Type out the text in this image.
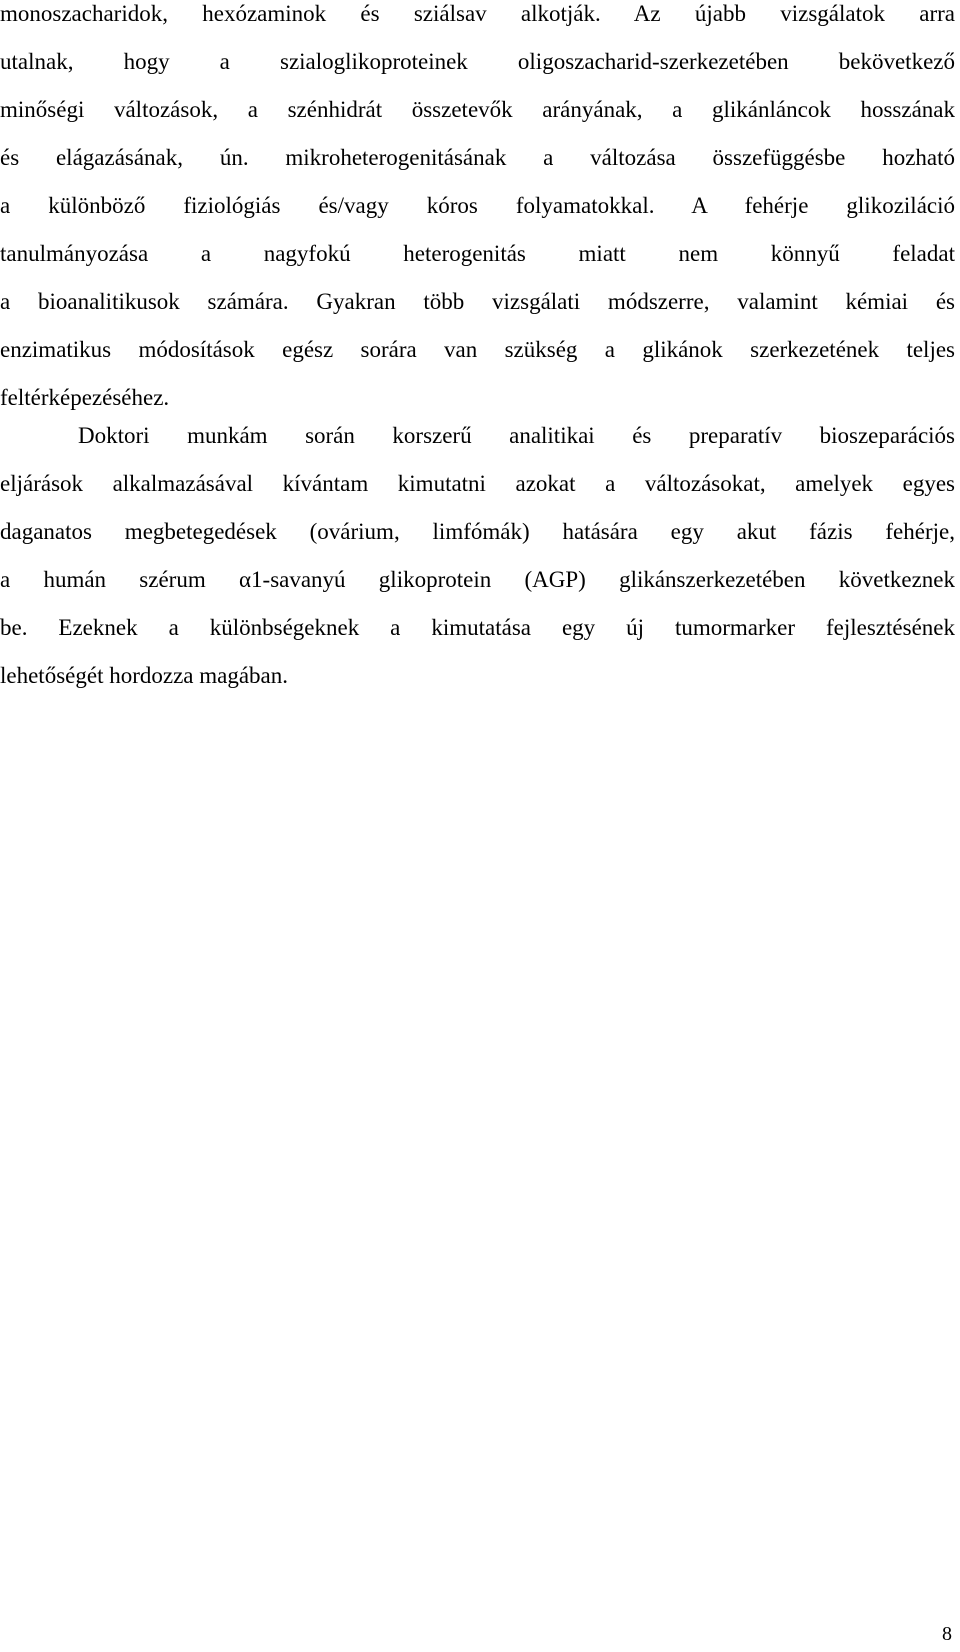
monoszacharidok, hexózaminok és sziálsav alkotják. Az újabb vizsgálatok arra
utalnak, hogy a szialoglikoproteinek oligoszacharid-szerkezetében bekövetkező
minőségi változások, a szénhidrát összetevők arányának, a glikánláncok hosszának
és elágazásának, ún. mikroheterogenitásának a változása összefüggésbe hozható
a különböző fiziológiás és/vagy kóros folyamatokkal. A fehérje glikoziláció
tanulmányozása a nagyfokú heterogenitás miatt nem könnyű feladat
a bioanalitikusok számára. Gyakran több vizsgálati módszerre, valamint kémiai és
enzimatikus módosítások egész sorára van szükség a glikánok szerkezetének teljes
feltérképezéséhez.
Doktori munkám során korszerű analitikai és preparatív bioszeparációs
eljárások alkalmazásával kívántam kimutatni azokat a változásokat, amelyek egyes
daganatos megbetegedések (ovárium, limfómák) hatására egy akut fázis fehérje,
a humán szérum α1-savanyú glikoprotein (AGP) glikánszerkezetében következnek
be. Ezeknek a különbségeknek a kimutatása egy új tumormarker fejlesztésének
lehetőségét hordozza magában.
8
